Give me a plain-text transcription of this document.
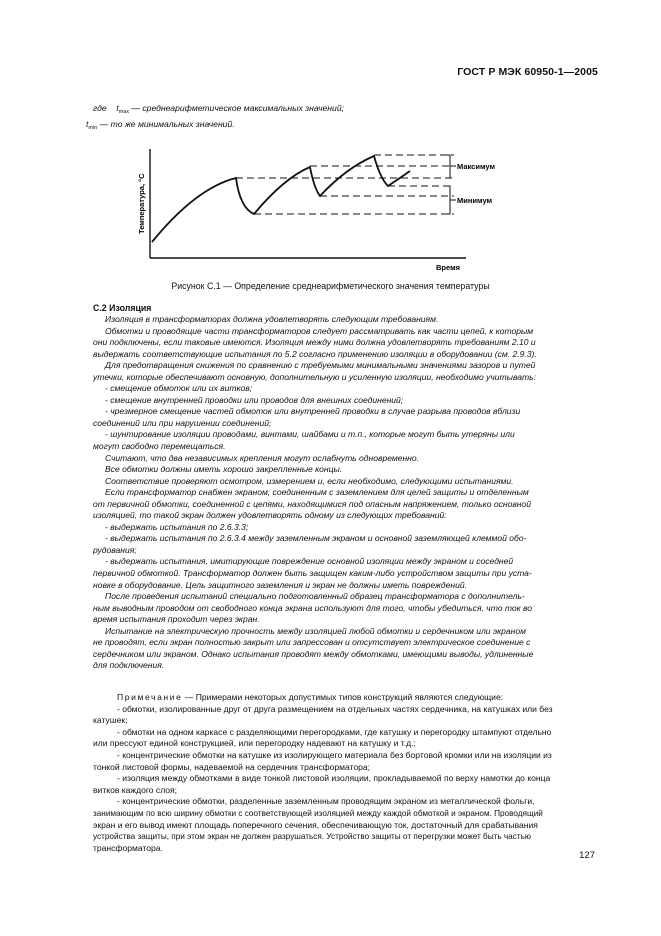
ГОСТ Р МЭК 60950-1—2005
где $t_{max}$ — среднеарифметическое максимальных значений;
$t_{min}$ — то же минимальных значений.
Максимум
Минимум
Температура, °С
Время
Рисунок С.1 — Определение среднеарифметического значения температуры
С.2 Изоляция

Изоляция в трансформаторах должна удовлетворять следующим требованиям.

Обмотки и проводящие части трансформаторов следует рассматривать как части цепей, к которым

они подключены, если таковые имеются. Изоляция между ними должна удовлетворять требованиям 2.10 и

выдержать соответствующие испытания по 5.2 согласно применению изоляции в оборудовании (см. 2.9.3).

Для предотвращения снижения по сравнению с требуемыми минимальными значениями зазоров и путей

утечки, которые обеспечивают основную, дополнительную и усиленную изоляции, необходимо учитывать:

- смещение обмоток или их витков;

- смещение внутренней проводки или проводов для внешних соединений;

- чрезмерное смещение частей обмоток или внутренней проводки в случае разрыва проводов вблизи

соединений или при нарушении соединений;

- шунтирование изоляции проводами, винтами, шайбами и т.п., которые могут быть утеряны или

могут свободно перемещаться.

Считают, что два независимых крепления могут ослабнуть одновременно.

Все обмотки должны иметь хорошо закрепленные концы.

Соответствие проверяют осмотром, измерением и, если необходимо, следующими испытаниями.

Если трансформатор снабжен экраном, соединенным с заземлением для целей защиты и отделенным

от первичной обмотки, соединенной с цепями, находящимися под опасным напряжением, только основной

изоляцией, то такой экран должен удовлетворять одному из следующих требований:

- выдержать испытания по 2.6.3.3;

- выдержать испытания по 2.6.3.4 между заземленным экраном и основной заземляющей клеммой обо-

рудования;

- выдержать испытания, имитирующие повреждение основной изоляции между экраном и соседней

первичной обмоткой. Трансформатор должен быть защищен каким-либо устройством защиты при уста-

новке в оборудование. Цель защитного заземления и экран не должны иметь повреждений.

После проведения испытаний специально подготовленный образец трансформатора с дополнитель-

ным выводным проводом от свободного конца экрана используют для того, чтобы убедиться, что ток во

время испытания проходит через экран.

Испытание на электрическую прочность между изоляцией любой обмотки и сердечником или экраном

не проводят, если экран полностью закрыт или запрессован и отсутствует электрическое соединение с

сердечником или экраном. Однако испытания проводят между обмотками, имеющими выводы, удлиненные

для подключения.

Примечание — Примерами некоторых допустимых типов конструкций являются следующие:

- обмотки, изолированные друг от друга размещением на отдельных частях сердечника, на катушках или без

катушек;

- обмотки на одном каркасе с разделяющими перегородками, где катушку и перегородку штампуют отдельно

или прессуют единой конструкцией, или перегородку надевают на катушку и т.д.;

- концентрические обмотки на катушке из изолирующего материала без бортовой кромки или на изоляции из

тонкой листовой формы, надеваемой на сердечник трансформатора;

- изоляция между обмотками в виде тонкой листовой изоляции, прокладываемой по верху намотки до конца

витков каждого слоя;

- концентрические обмотки, разделенные заземленным проводящим экраном из металлической фольги,

занимающим по всю ширину обмотки с соответствующей изоляцией между каждой обмоткой и экраном. Проводящий

экран и его вывод имеют площадь поперечного сечения, обеспечивающую ток, достаточный для срабатывания

устройства защиты, при этом экран не должен разрушаться. Устройство защиты от перегрузки может быть частью

трансформатора.

127
